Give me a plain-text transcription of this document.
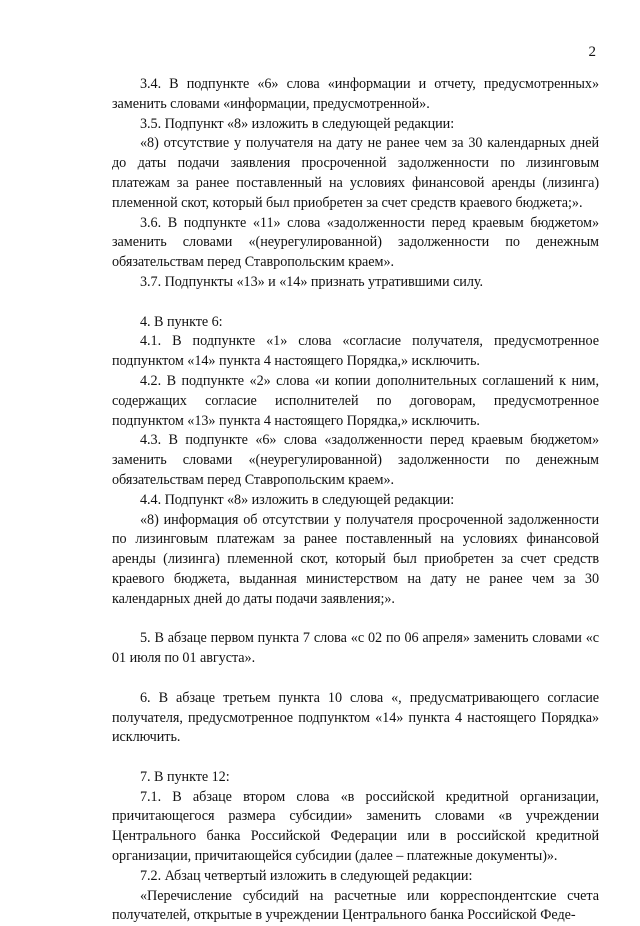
2

3.4. В подпункте «6» слова «информации и отчету, предусмотренных» заменить словами «информации, предусмотренной».

3.5. Подпункт «8» изложить в следующей редакции:

«8) отсутствие у получателя на дату не ранее чем за 30 календарных дней до даты подачи заявления просроченной задолженности по лизинговым платежам за ранее поставленный на условиях финансовой аренды (лизинга) племенной скот, который был приобретен за счет средств краевого бюджета;».

3.6. В подпункте «11» слова «задолженности перед краевым бюджетом» заменить словами «(неурегулированной) задолженности по денежным обязательствам перед Ставропольским краем».

3.7. Подпункты «13» и «14» признать утратившими силу.

4. В пункте 6:

4.1. В подпункте «1» слова «согласие получателя, предусмотренное подпунктом «14» пункта 4 настоящего Порядка,» исключить.

4.2. В подпункте «2» слова «и копии дополнительных соглашений к ним, содержащих согласие исполнителей по договорам, предусмотренное подпунктом «13» пункта 4 настоящего Порядка,» исключить.

4.3. В подпункте «6» слова «задолженности перед краевым бюджетом» заменить словами «(неурегулированной) задолженности по денежным обязательствам перед Ставропольским краем».

4.4. Подпункт «8» изложить в следующей редакции:

«8) информация об отсутствии у получателя просроченной задолженности по лизинговым платежам за ранее поставленный на условиях финансовой аренды (лизинга) племенной скот, который был приобретен за счет средств краевого бюджета, выданная министерством на дату не ранее чем за 30 календарных дней до даты подачи заявления;».

5. В абзаце первом пункта 7 слова «с 02 по 06 апреля» заменить словами «с 01 июля по 01 августа».

6. В абзаце третьем пункта 10 слова «, предусматривающего согласие получателя, предусмотренное подпунктом «14» пункта 4 настоящего Порядка» исключить.

7. В пункте 12:

7.1. В абзаце втором слова «в российской кредитной организации, причитающегося размера субсидии» заменить словами «в учреждении Центрального банка Российской Федерации или в российской кредитной организации, причитающейся субсидии (далее – платежные документы)».

7.2. Абзац четвертый изложить в следующей редакции:

«Перечисление субсидий на расчетные или корреспондентские счета получателей, открытые в учреждении Центрального банка Российской Феде-
